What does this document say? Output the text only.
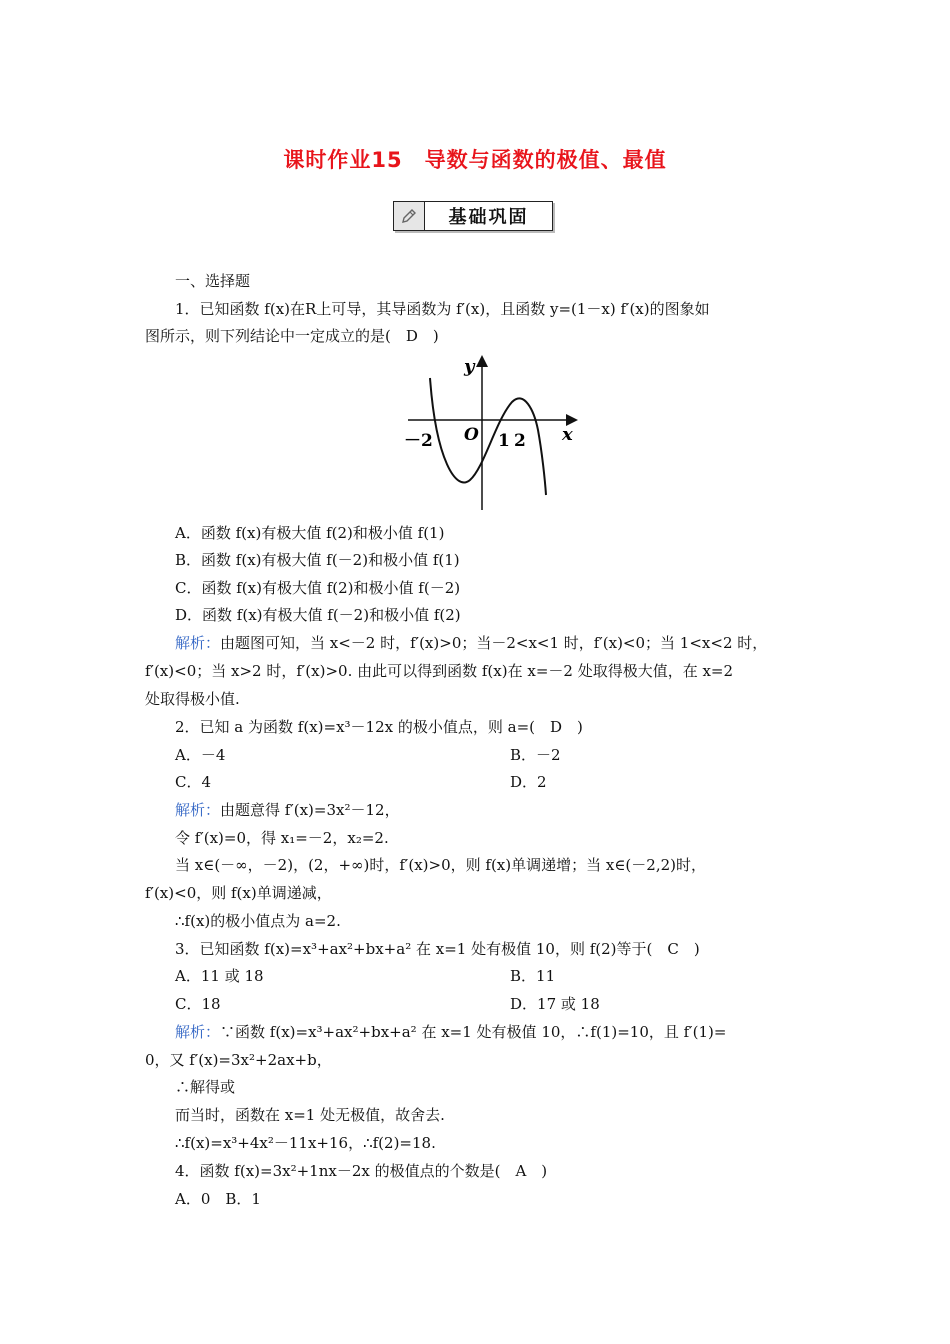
课时作业15　导数与函数的极值、最值
基础巩固
一、选择题
1．已知函数 f(x)在R上可导，其导函数为 f′(x)，且函数 y=(1－x) f′(x)的图象如
图所示，则下列结论中一定成立的是(　D　)
y
x
O
－2	1 2
A．函数 f(x)有极大值 f(2)和极小值 f(1)
B．函数 f(x)有极大值 f(－2)和极小值 f(1)
C．函数 f(x)有极大值 f(2)和极小值 f(－2)
D．函数 f(x)有极大值 f(－2)和极小值 f(2)
解析：由题图可知，当 x<－2 时，f′(x)>0；当－2<x<1 时，f′(x)<0；当 1<x<2 时，
f′(x)<0；当 x>2 时，f′(x)>0. 由此可以得到函数 f(x)在 x=－2 处取得极大值，在 x=2
处取得极小值.
2．已知 a 为函数 f(x)=x³－12x 的极小值点，则 a=(　D　)
A．－4	B．－2
C．4	D．2
解析：由题意得 f′(x)=3x²－12，
令 f′(x)=0，得 x₁=－2，x₂=2.
当 x∈(－∞，－2)，(2，+∞)时，f′(x)>0，则 f(x)单调递增；当 x∈(－2,2)时，
f′(x)<0，则 f(x)单调递减，
∴f(x)的极小值点为 a=2.
3．已知函数 f(x)=x³+ax²+bx+a² 在 x=1 处有极值 10，则 f(2)等于(　C　)
A．11 或 18	B．11
C．18	D．17 或 18
解析：∵函数 f(x)=x³+ax²+bx+a² 在 x=1 处有极值 10，∴f(1)=10，且 f′(1)=
0，又 f′(x)=3x²+2ax+b，
∴解得或
而当时，函数在 x=1 处无极值，故舍去.
∴f(x)=x³+4x²－11x+16，∴f(2)=18.
4．函数 f(x)=3x²+1nx－2x 的极值点的个数是(　A　)
A．0　B．1
